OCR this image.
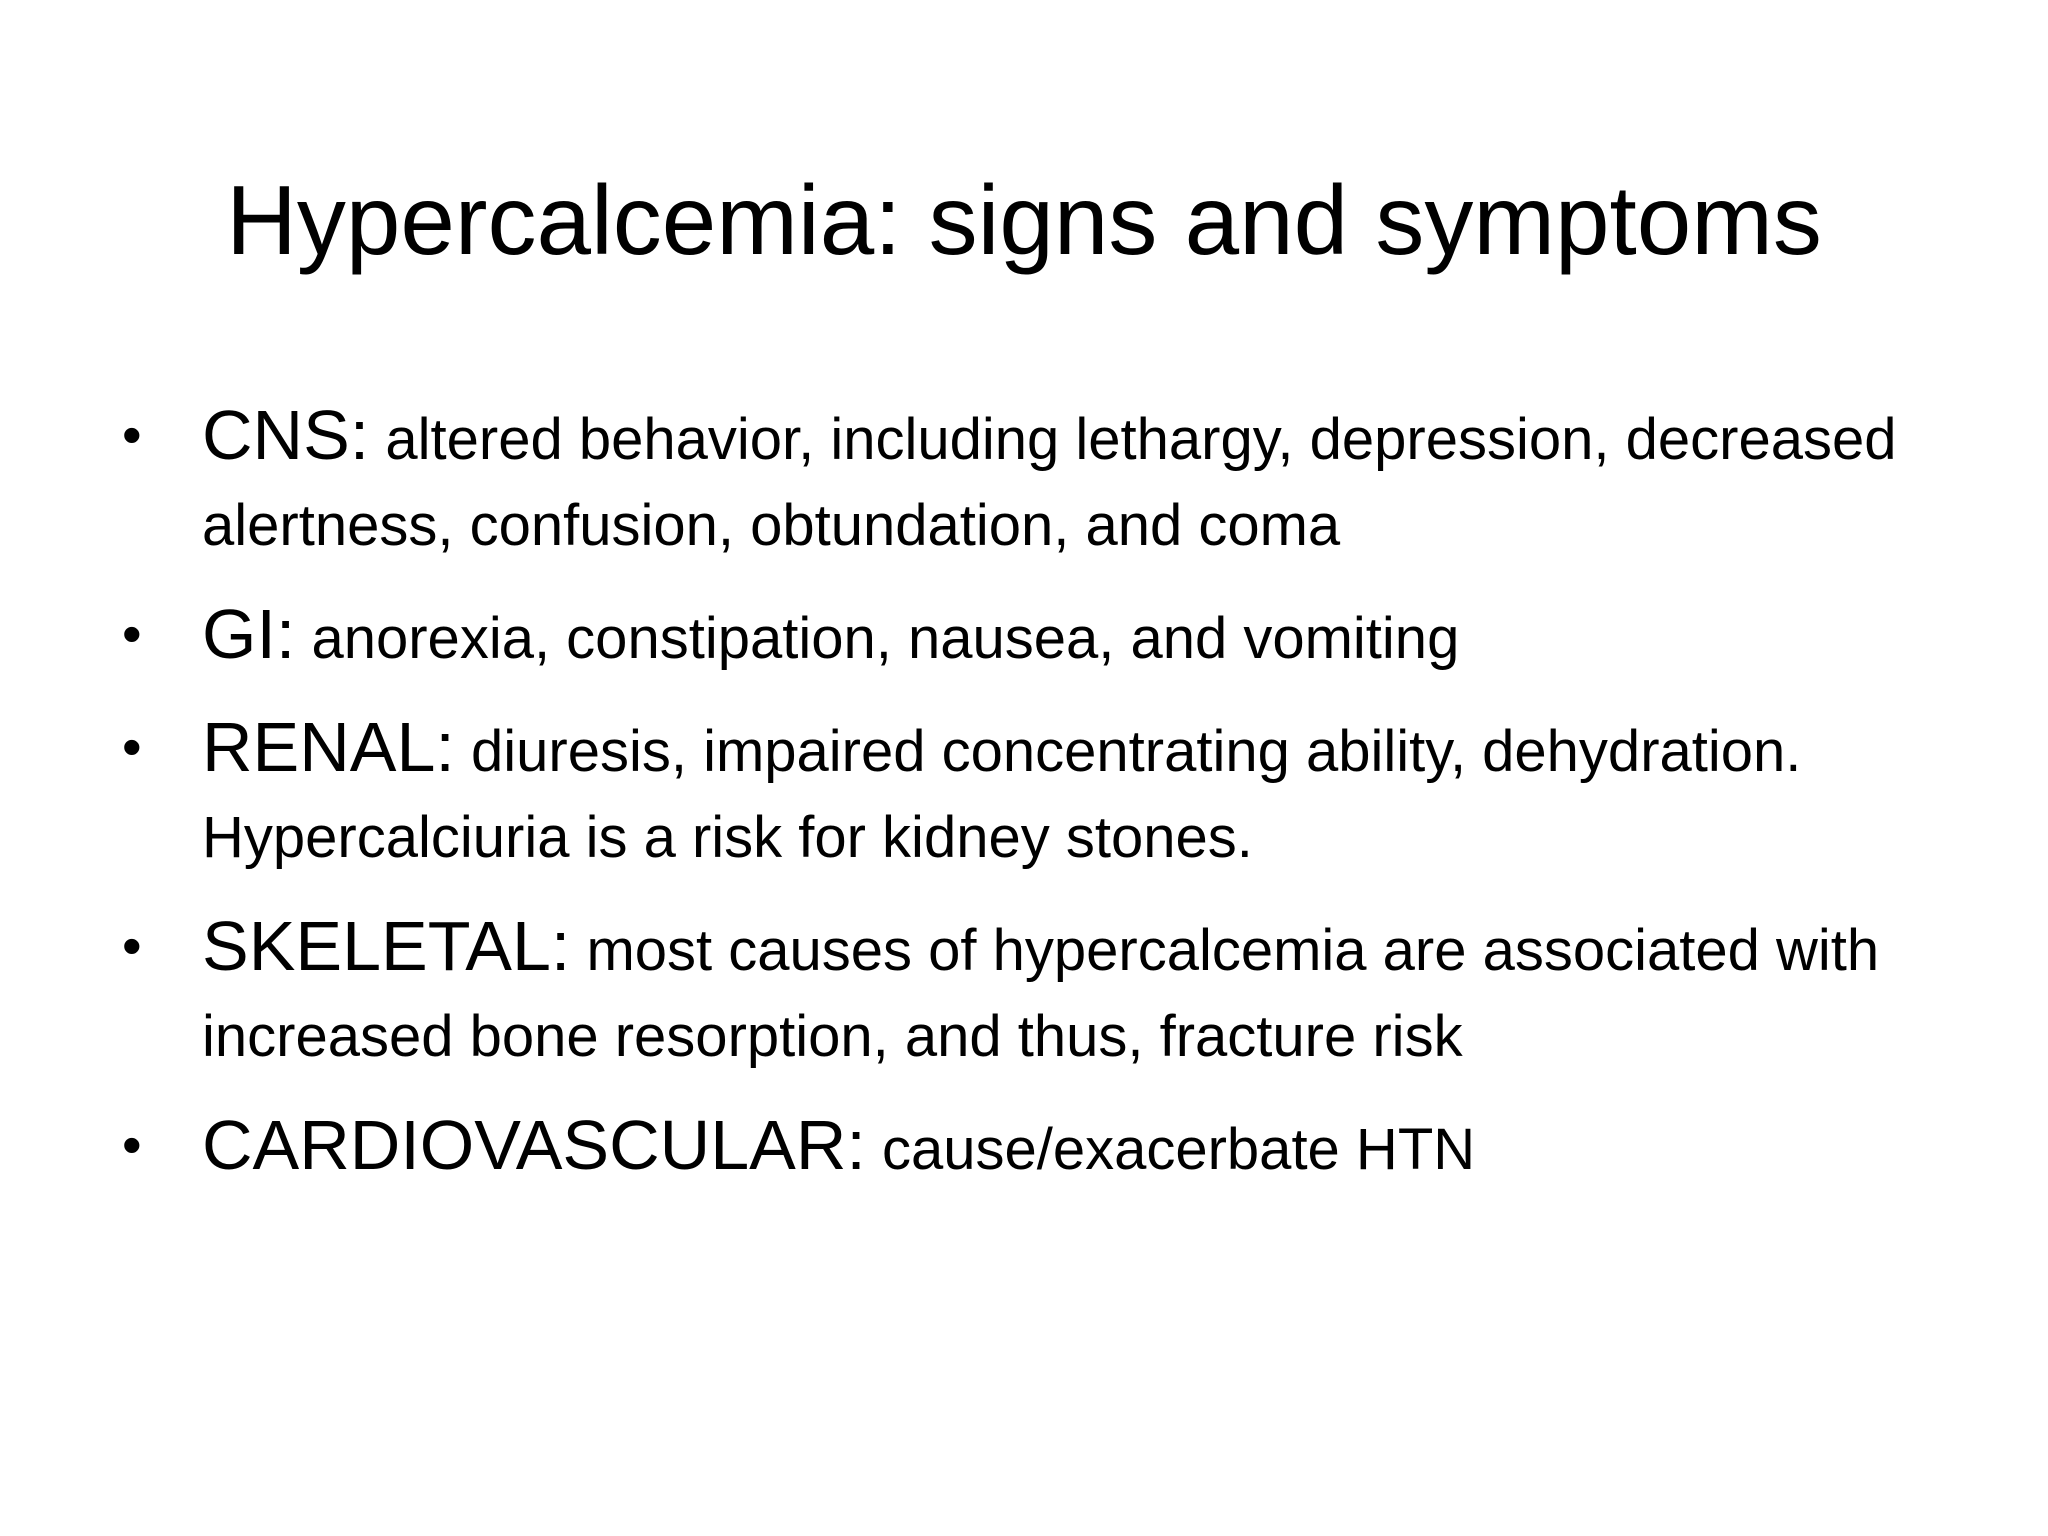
Hypercalcemia: signs and symptoms
• CNS: altered behavior, including lethargy, depression, decreased alertness, confusion, obtundation, and coma
• GI: anorexia, constipation, nausea, and vomiting
• RENAL: diuresis, impaired concentrating ability, dehydration. Hypercalciuria is a risk for kidney stones.
• SKELETAL: most causes of hypercalcemia are associated with increased bone resorption, and thus, fracture risk
• CARDIOVASCULAR: cause/exacerbate HTN
